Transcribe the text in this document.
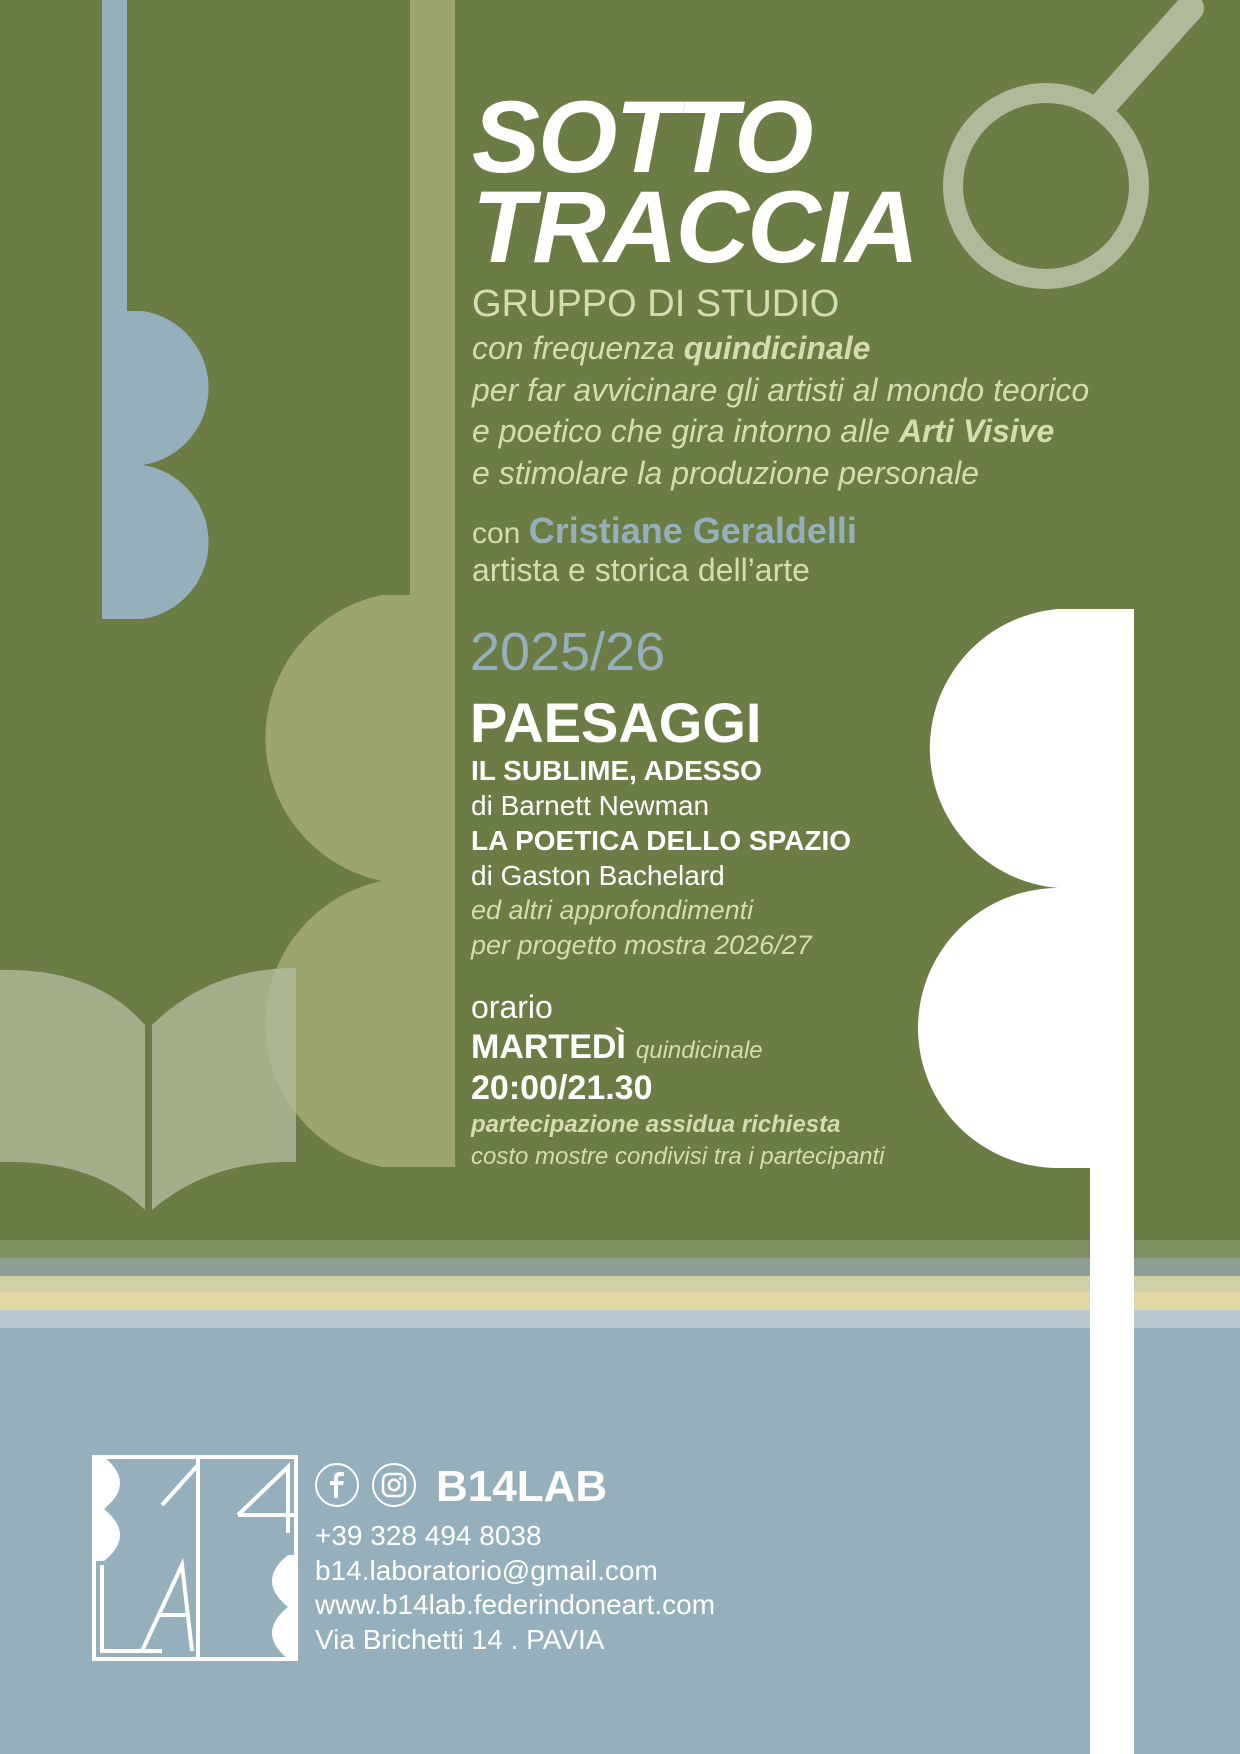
SOTTO
TRACCIA
GRUPPO DI STUDIO
con frequenza quindicinale
per far avvicinare gli artisti al mondo teorico
e poetico che gira intorno alle Arti Visive
e stimolare la produzione personale
con Cristiane Geraldelli
artista e storica dell’arte
2025/26
PAESAGGI
IL SUBLIME, ADESSO
di Barnett Newman
LA POETICA DELLO SPAZIO
di Gaston Bachelard
ed altri approfondimenti
per progetto mostra 2026/27
orario
MARTEDÌ quindicinale
20:00/21.30
partecipazione assidua richiesta
costo mostre condivisi tra i partecipanti
B14LAB
+39 328 494 8038
b14.laboratorio@gmail.com
www.b14lab.federindoneart.com
Via Brichetti 14 . PAVIA
